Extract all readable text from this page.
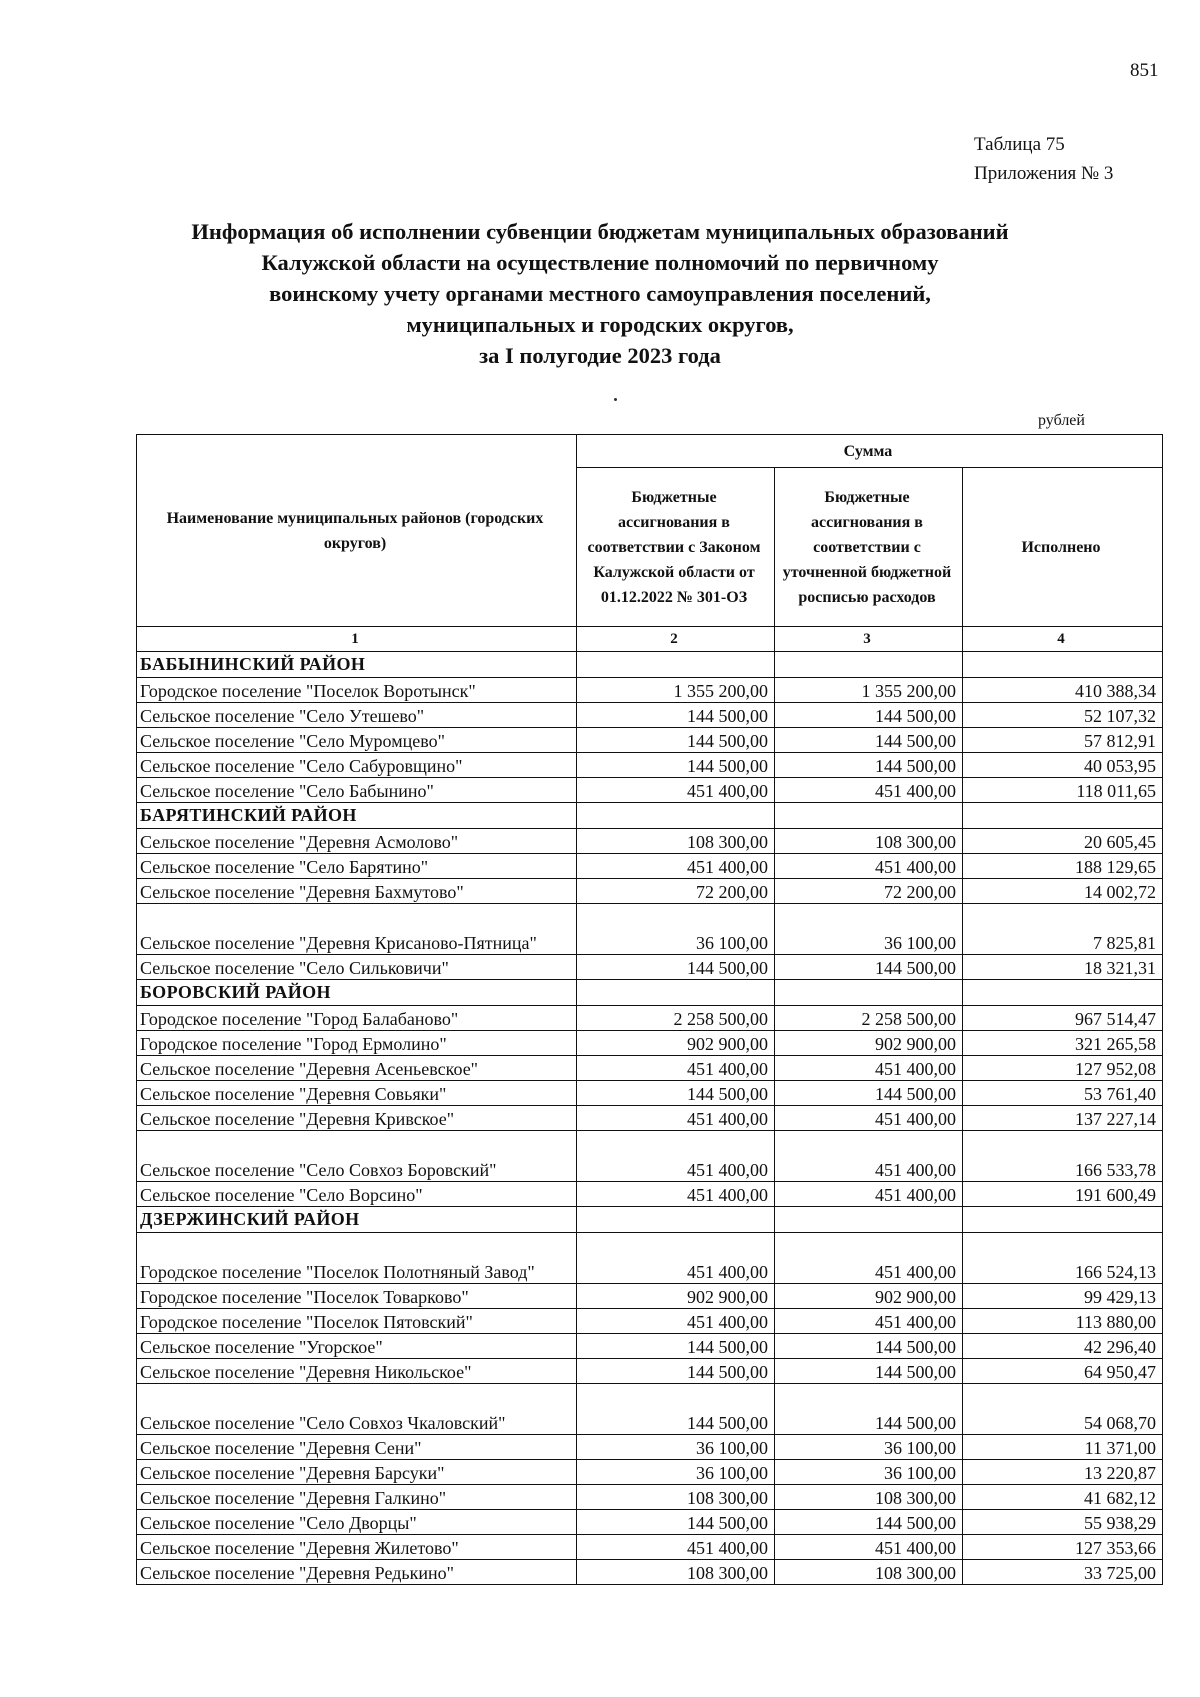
851
Таблица 75
Приложения № 3
Информация об исполнении субвенции бюджетам муниципальных образований
Калужской области на осуществление полномочий по первичному
воинскому учету органами местного самоуправления поселений,
муниципальных и городских округов,
за I полугодие 2023 года
рублей
Наименование муниципальных районов (городских округов)	Сумма		
	Бюджетные ассигнования в соответствии с Законом Калужской области от 01.12.2022 № 301-ОЗ	Бюджетные ассигнования в соответствии с уточненной бюджетной росписью расходов	Исполнено
1	2	3	4
БАБЫНИНСКИЙ РАЙОН			
Городское поселение "Поселок Воротынск"	1 355 200,00	1 355 200,00	410 388,34
Сельское поселение "Село Утешево"	144 500,00	144 500,00	52 107,32
Сельское поселение "Село Муромцево"	144 500,00	144 500,00	57 812,91
Сельское поселение "Село Сабуровщино"	144 500,00	144 500,00	40 053,95
Сельское поселение "Село Бабынино"	451 400,00	451 400,00	118 011,65
БАРЯТИНСКИЙ РАЙОН			
Сельское поселение "Деревня Асмолово"	108 300,00	108 300,00	20 605,45
Сельское поселение "Село Барятино"	451 400,00	451 400,00	188 129,65
Сельское поселение "Деревня Бахмутово"	72 200,00	72 200,00	14 002,72
Сельское поселение "Деревня Крисаново-Пятница"	36 100,00	36 100,00	7 825,81
Сельское поселение "Село Сильковичи"	144 500,00	144 500,00	18 321,31
БОРОВСКИЙ РАЙОН			
Городское поселение "Город Балабаново"	2 258 500,00	2 258 500,00	967 514,47
Городское поселение "Город Ермолино"	902 900,00	902 900,00	321 265,58
Сельское поселение "Деревня Асеньевское"	451 400,00	451 400,00	127 952,08
Сельское поселение "Деревня Совьяки"	144 500,00	144 500,00	53 761,40
Сельское поселение "Деревня Кривское"	451 400,00	451 400,00	137 227,14
Сельское поселение "Село Совхоз Боровский"	451 400,00	451 400,00	166 533,78
Сельское поселение "Село Ворсино"	451 400,00	451 400,00	191 600,49
ДЗЕРЖИНСКИЙ РАЙОН			
Городское поселение "Поселок Полотняный Завод"	451 400,00	451 400,00	166 524,13
Городское поселение "Поселок Товарково"	902 900,00	902 900,00	99 429,13
Городское поселение "Поселок Пятовский"	451 400,00	451 400,00	113 880,00
Сельское поселение "Угорское"	144 500,00	144 500,00	42 296,40
Сельское поселение "Деревня Никольское"	144 500,00	144 500,00	64 950,47
Сельское поселение "Село Совхоз Чкаловский"	144 500,00	144 500,00	54 068,70
Сельское поселение "Деревня Сени"	36 100,00	36 100,00	11 371,00
Сельское поселение "Деревня Барсуки"	36 100,00	36 100,00	13 220,87
Сельское поселение "Деревня Галкино"	108 300,00	108 300,00	41 682,12
Сельское поселение "Село Дворцы"	144 500,00	144 500,00	55 938,29
Сельское поселение "Деревня Жилетово"	451 400,00	451 400,00	127 353,66
Сельское поселение "Деревня Редькино"	108 300,00	108 300,00	33 725,00
